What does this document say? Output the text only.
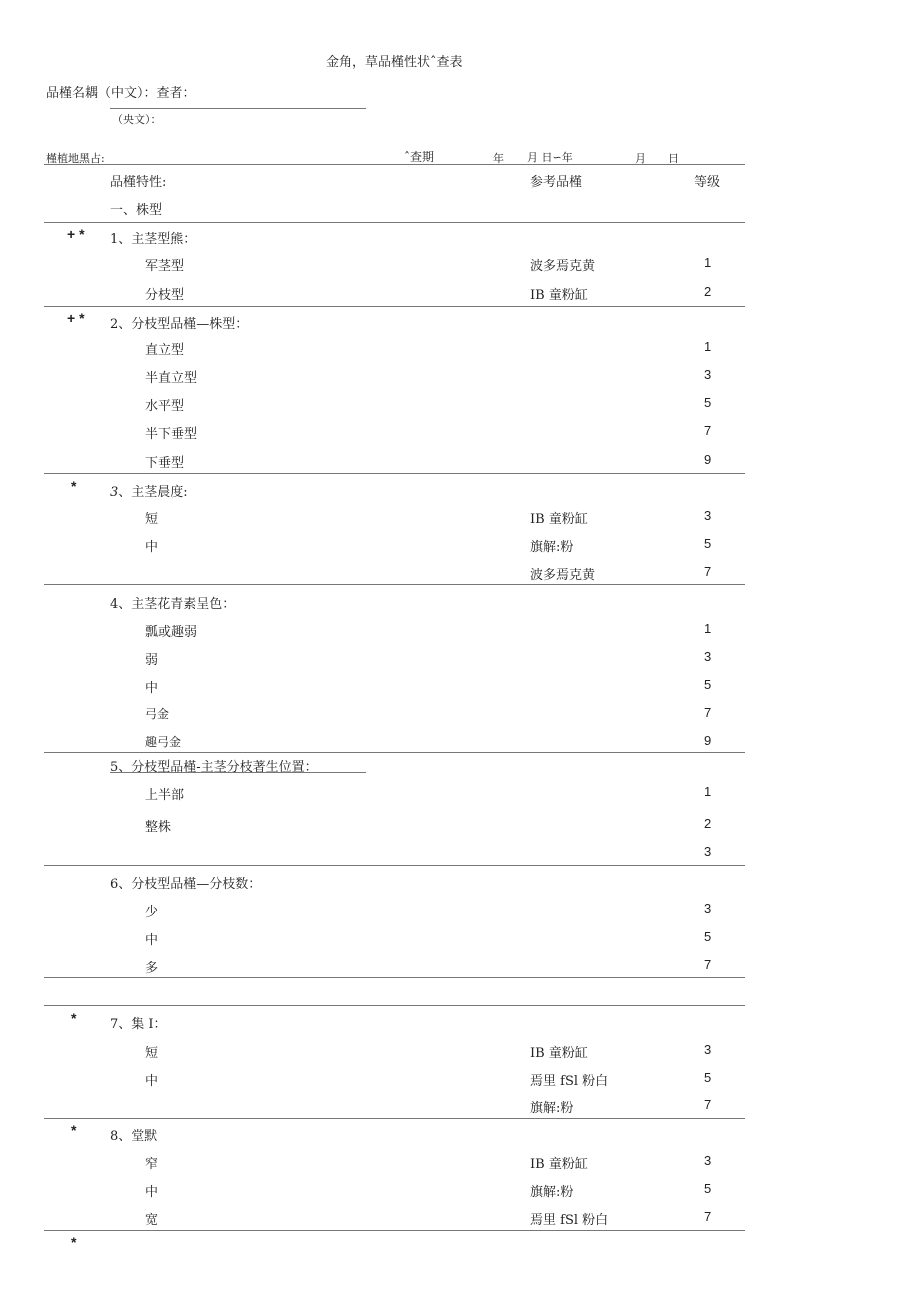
金角，草品槿性状ˆ查表
品槿名耦（中文）：查者：
（央文）：
槿植地黑占:	ˆ查期	年 月 日∽年	月 日
品槿特性:	参考品槿	等级
一、株型
+ * 1、主茎型熊：
军茎型	波多焉克黄	1
分枝型	IB 童粉缸	2
+ * 2、分枝型品槿—株型：
直立型	1
半直立型	3
水平型	5
半下垂型	7
下垂型	9
*	3、主茎晨度:
短	IB 童粉缸	3
中	旗解:粉	5
波多焉克黄	7
4、主茎花青素呈色：
瓢或趣弱	1
弱	3
中	5
弓金	7
趣弓金	9
5、分枝型品槿-主茎分枝著生位置：
上半部	1
整株	2
3
6、分枝型品槿—分枝数：
少	3
中	5
多	7
*	7、集 I：
短	IB 童粉缸	3
中	焉里 fSl 粉白	5
旗解:粉	7
*	8、堂默
窄	IB 童粉缸	3
中	旗解:粉	5
宽	焉里 fSl 粉白	7
*
